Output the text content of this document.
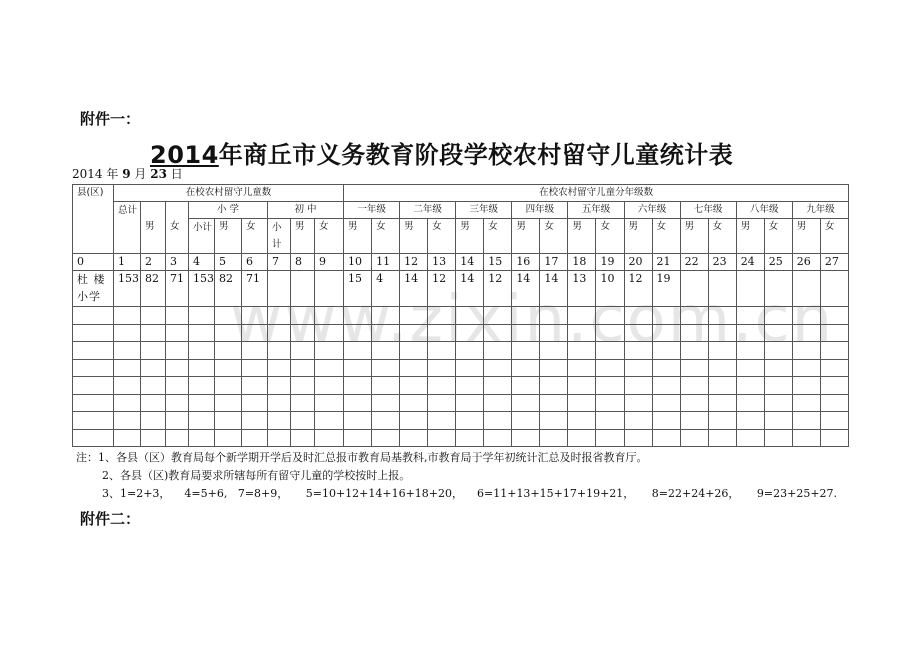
附件一：
2014年商丘市义务教育阶段学校农村留守儿童统计表
2014 年 9 月 23 日
www.zixin.com.cn
县(区)	在校农村留守儿童数									在校农村留守儿童分年级数																	
	总计	男	女	小 学			初 中			一年级		二年级		三年级		四年级		五年级		六年级		七年级		八年级		九年级	
				小计	男	女	小计	男	女	男	女	男	女	男	女	男	女	男	女	男	女	男	女	男	女	男	女

0	1	2	3	4	5	6	7	8	9	10	11	12	13	14	15	16	17	18	19	20	21	22	23	24	25	26	27
杜 楼 小学	153	82	71	153	82	71				15	4	14	12	14	12	14	14	13	10	12	19						

注：1、各县（区）教育局每个新学期开学后及时汇总报市教育局基教科,市教育局于学年初统计汇总及时报省教育厅。
2、各县（区)教育局要求所辖每所有留守儿童的学校按时上报。
3、1=2+3，    4=5+6,   7=8+9，     5=10+12+14+16+18+20，    6=11+13+15+17+19+21，     8=22+24+26，     9=23+25+27.
附件二：
